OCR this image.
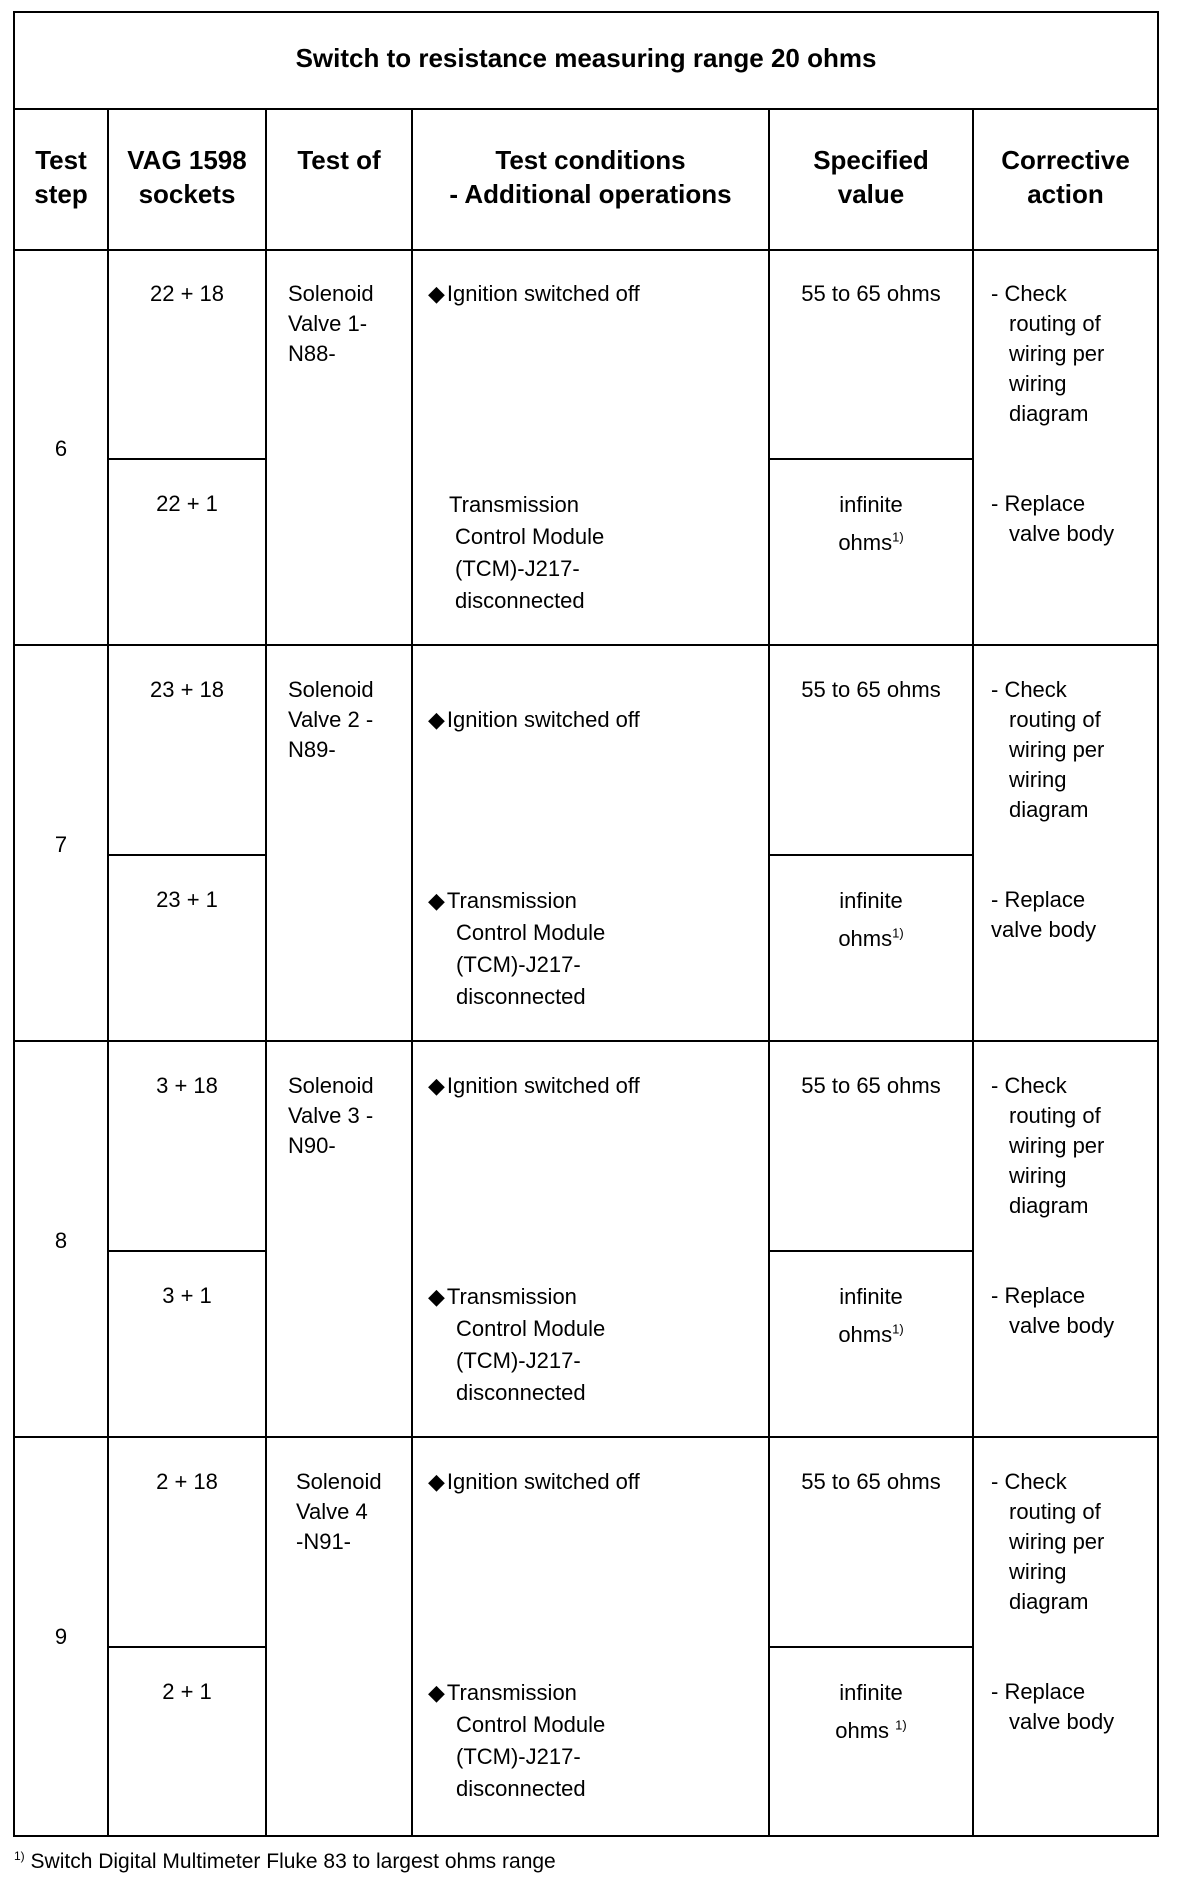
Switch to resistance measuring range 20 ohms
Test
step
VAG 1598
sockets
Test of	Test conditions
- Additional operations
Specified
value
Corrective
action
6
22 + 18
22 + 1
Solenoid
Valve 1-
N88-
◆Ignition switched off
Transmission
Control Module
(TCM)-J217-
disconnected
55 to 65 ohms
infinite
ohms$^{1)}$
- Check
routing of
wiring per
wiring
diagram
- Replace
valve body
7
23 + 18
23 + 1
Solenoid
Valve 2 -
N89-
◆Ignition switched off
◆Transmission
Control Module
(TCM)-J217-
disconnected
55 to 65 ohms
infinite
ohms$^{1)}$
- Check
routing of
wiring per
wiring
diagram
- Replace
valve body
8
3 + 18
3 + 1
Solenoid
Valve 3 -
N90-
◆Ignition switched off
◆Transmission
Control Module
(TCM)-J217-
disconnected
55 to 65 ohms
infinite
ohms$^{1)}$
- Check
routing of
wiring per
wiring
diagram
- Replace
valve body
9
2 + 18
2 + 1
Solenoid
Valve 4
-N91-
◆Ignition switched off
◆Transmission
Control Module
(TCM)-J217-
disconnected
55 to 65 ohms
infinite
ohms $^{1)}$
- Check
routing of
wiring per
wiring
diagram
- Replace
valve body
$^{1)}$ Switch Digital Multimeter Fluke 83 to largest ohms range
